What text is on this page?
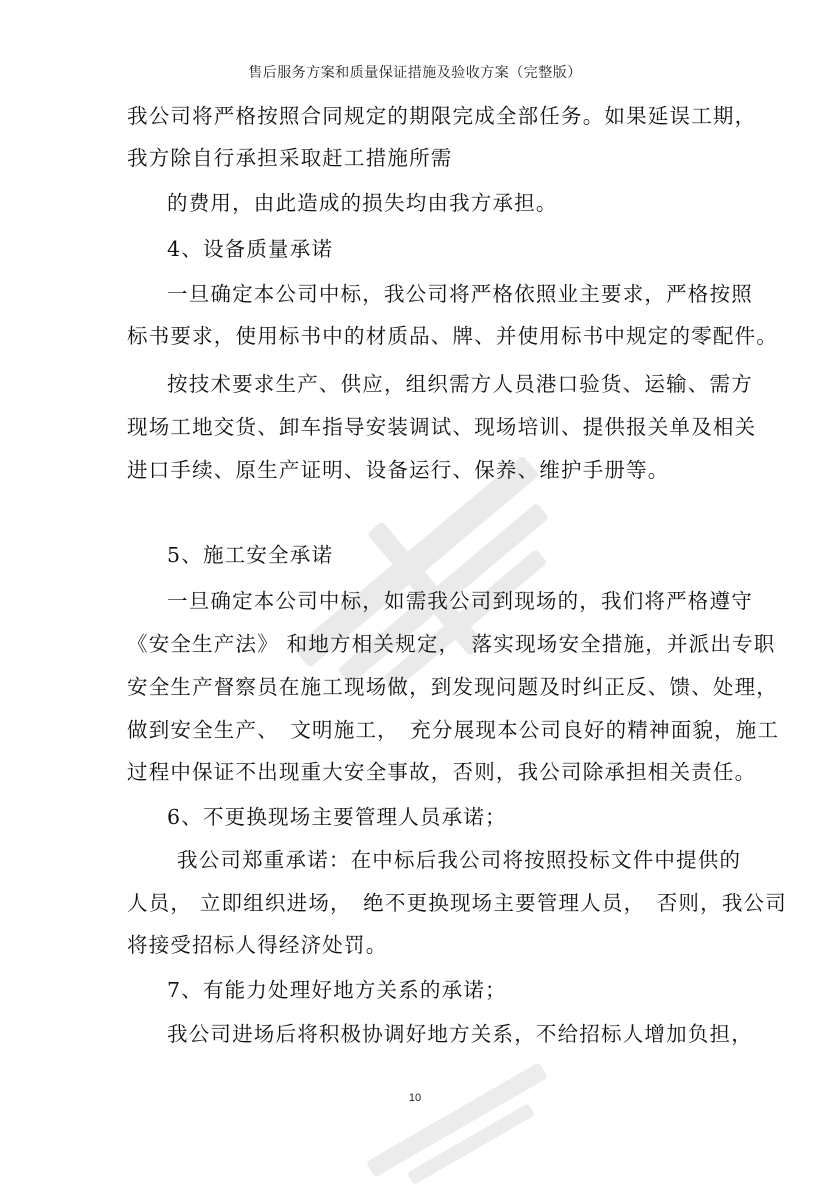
售后服务方案和质量保证措施及验收方案（完整版）
我公司将严格按照合同规定的期限完成全部任务。如果延误工期，
我方除自行承担采取赶工措施所需
的费用，由此造成的损失均由我方承担。
4、设备质量承诺
一旦确定本公司中标，我公司将严格依照业主要求，严格按照
标书要求，使用标书中的材质品、牌、并使用标书中规定的零配件。
按技术要求生产、供应，组织需方人员港口验货、运输、需方
现场工地交货、卸车指导安装调试、现场培训、提供报关单及相关
进口手续、原生产证明、设备运行、保养、维护手册等。
5、施工安全承诺
一旦确定本公司中标，如需我公司到现场的，我们将严格遵守
《安全生产法》 和地方相关规定，　落实现场安全措施，并派出专职
安全生产督察员在施工现场做，到发现问题及时纠正反、馈、处理，
做到安全生产、　文明施工，　充分展现本公司良好的精神面貌，施工
过程中保证不出现重大安全事故，否则，我公司除承担相关责任。
6、不更换现场主要管理人员承诺；
我公司郑重承诺：在中标后我公司将按照投标文件中提供的
人员， 立即组织进场，　绝不更换现场主要管理人员，　否则，我公司
将接受招标人得经济处罚。
7、有能力处理好地方关系的承诺；
我公司进场后将积极协调好地方关系，不给招标人增加负担，
10
